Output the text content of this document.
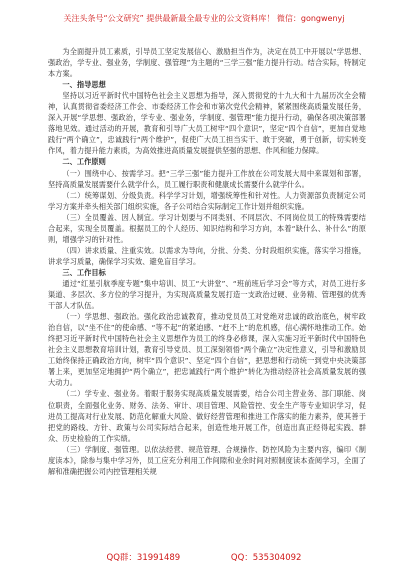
关注头条号“公文研究” 提供最新最全最专业的公文资料库！ 微信：gongwenyj

为全面提升员工素质，引导员工坚定发展信心、激励担当作为，决定在员工中开展以“学思想、强政治，学专业、强业务，学制度、强管理”为主题的“三学三强”能力提升行动。结合实际，特制定本方案。

一、指导思想

坚持以习近平新时代中国特色社会主义思想为指导，深入贯彻党的十九大和十九届历次全会精神，认真贯彻省委经济工作会、市委经济工作会和市第次党代会精神，紧紧围绕高质量发展任务，深入开展“学思想、强政治，学专业、强业务，学制度、强管理”能力提升行动，确保各项决策部署落地见效。通过活动的开展，教育和引导广大员工树牢“四个意识”，坚定“四个自信”，更加自觉地践行“两个确立”，忠诚践行“两个维护”，促使广大员工担当实干、敢于突破，勇于创新，切实转变作风，着力提升能力素质，为高效推进高质量发展提供坚强的思想、作风和能力保障。

二、工作原则

（一）围绕中心、按需学习。把“三学三强”能力提升工作放在公司发展大局中来谋划和部署，坚持高质量发展需要什么就学什么，员工履行职责和健康成长需要什么就学什么。

（二）统筹谋划、分级负责。科学学习计划，增强统筹性和针对性。人力资源部负责制定公司学习方案并牵头相关部门组织实施，各子公司结合实际制定工作计划并组织实施。

（三）全员覆盖、因人制宜。学习计划要与不同类别、不同层次、不同岗位员工的特殊需要结合起来，实现全员覆盖。根据员工的个人经历、知识结构和学习方向，本着“缺什么、补什么”的原则，增强学习的针对性。

（四）讲求质量、注重实效。以需求为导向，分批、分类、分时段组织实施，落实学习措施，讲求学习质量，确保学习实效、避免盲目学习。

三、工作目标

通过“红星引航季度专题”集中培训、员工“大讲堂”、“班前班后学习会”等方式，对员工进行多渠道、多层次、多方位的学习提升，为实现高质量发展打造一支政治过硬、业务精、管理强的优秀干部人才队伍。

（一）学思想、强政治。强化政治忠诚教育，推动党员员工对党绝对忠诚的政治底色，树牢政治自信，以“坐不住”的使命感、“等不起”的紧迫感、“赶不上”的危机感，信心满怀地推动工作。始终把习近平新时代中国特色社会主义思想作为员工的终身必修课，深入实施习近平新时代中国特色社会主义思想教育培训计划，教育引导党员、员工深刻领悟“两个确立”决定性意义，引导和激励员工始终保持正确政治方向，树牢“四个意识”、坚定“四个自信”，把思想和行动统一到党中央决策部署上来，更加坚定地拥护“两个确立”，把忠诚践行“两个维护”转化为推动经济社会高质量发展的强大动力。

（二）学专业、强业务。着眼于服务实现高质量发展需要，结合公司主营业务、部门职能、岗位职责，全面强化业务、财务、法务、审计、项目管理、风险管控、安全生产等专业知识学习，促进员工提高对行业发展、防范化解重大风险、做好经营管理和推进工作落实的能力素养，使其善于把党的路线、方针、政策与公司实际结合起来，创造性地开展工作，创造出真正经得起实践、群众、历史检验的工作实绩。

（三）学制度、强管理。以依法经营、规范管理、合规操作、防控风险为主要内容，编印《制度读本》，除参与集中学习外，员工应充分利用工作间隙和业余时间对照制度读本查阅学习，全面了解和准确把握公司内控管理相关规

QQ群：31991489	QQ：535304092
